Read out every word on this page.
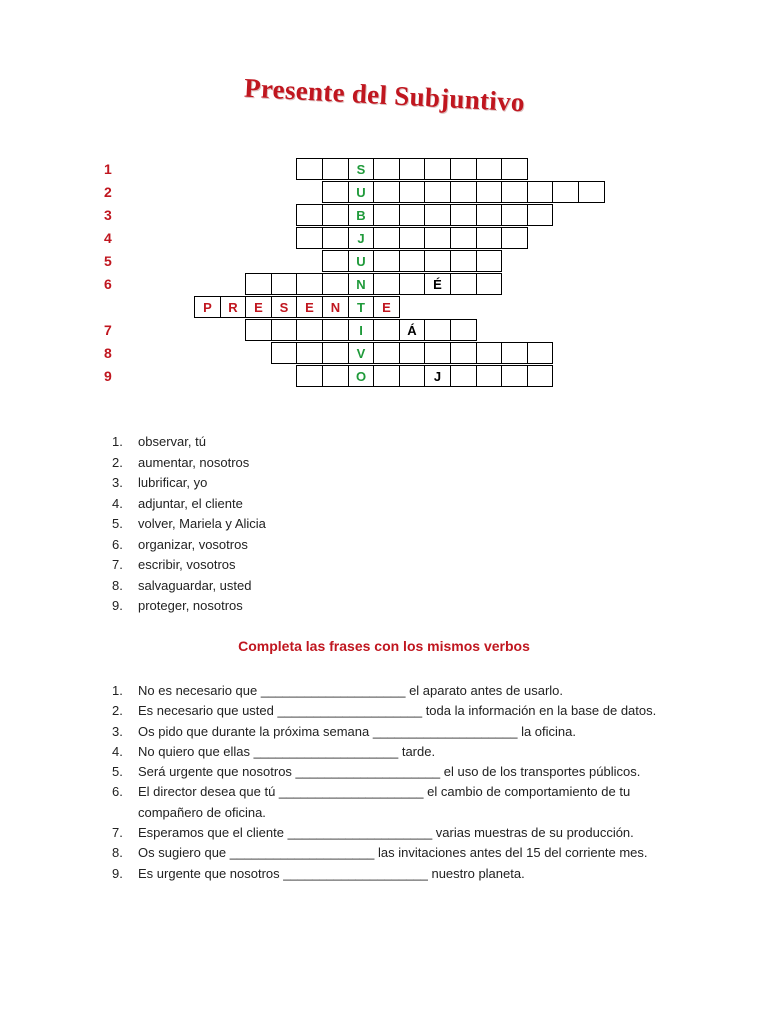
Presente del Subjuntivo
1	S
2	U
3	B
4	J
5	U
6	N	É
P	R	E	S	E	N	T	E
7	I	Á
8	V
9	O	J
1.	observar, tú
2.	aumentar, nosotros
3.	lubrificar, yo
4.	adjuntar, el cliente
5.	volver, Mariela y Alicia
6.	organizar, vosotros
7.	escribir, vosotros
8.	salvaguardar, usted
9.	proteger, nosotros
Completa las frases con los mismos verbos
1.	No es necesario que ____________________ el aparato antes de usarlo.
2.	Es necesario que usted ____________________ toda la información en la base de datos.
3.	Os pido que durante la próxima semana ____________________ la oficina.
4.	No quiero que ellas ____________________ tarde.
5.	Será urgente que nosotros ____________________ el uso de los transportes públicos.
6.	El director desea que tú ____________________ el cambio de comportamiento de tu compañero de oficina.
7.	Esperamos que el cliente ____________________ varias muestras de su producción.
8.	Os sugiero que ____________________ las invitaciones antes del 15 del corriente mes.
9.	Es urgente que nosotros ____________________ nuestro planeta.
